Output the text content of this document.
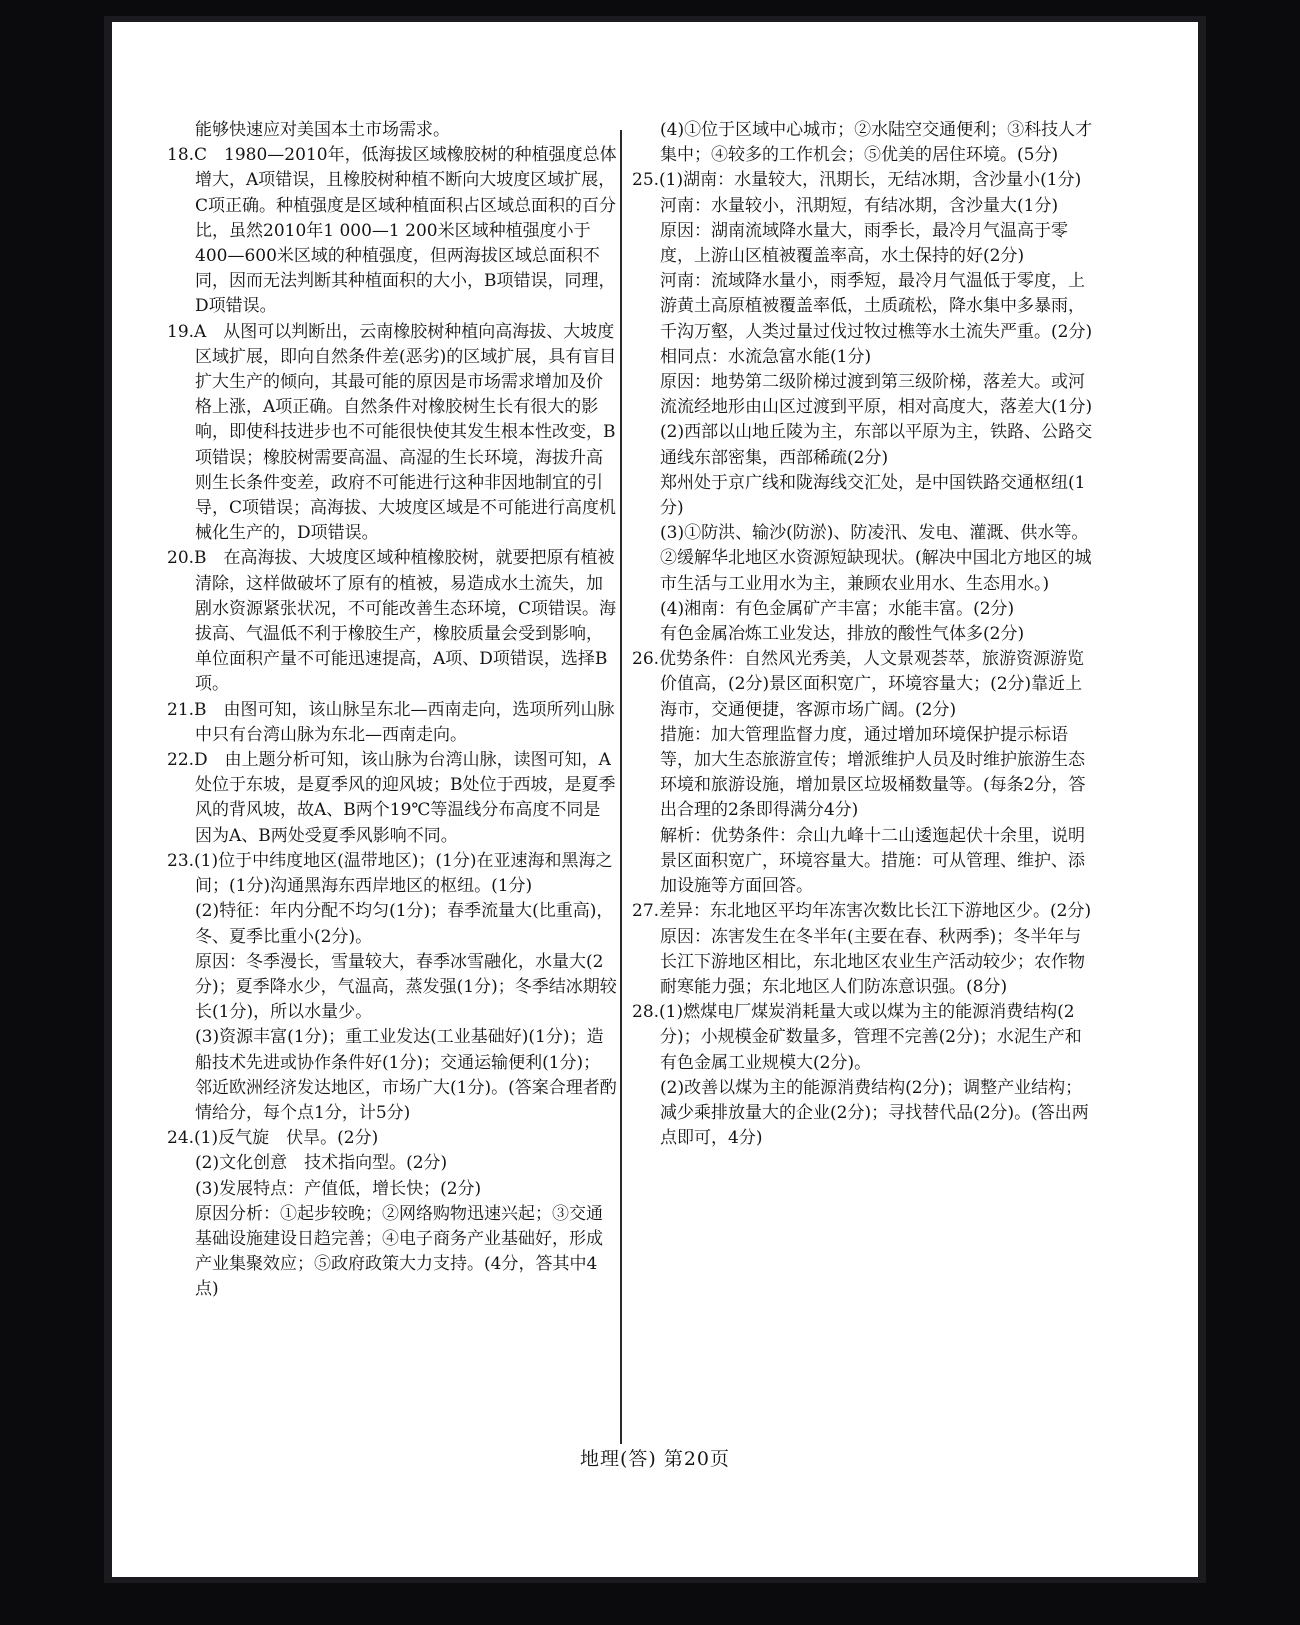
能够快速应对美国本土市场需求。

18.C　1980—2010年，低海拔区域橡胶树的种植强度总体增大，A项错误，且橡胶树种植不断向大坡度区域扩展，C项正确。种植强度是区域种植面积占区域总面积的百分比，虽然2010年1 000—1 200米区域种植强度小于400—600米区域的种植强度，但两海拔区域总面积不同，因而无法判断其种植面积的大小，B项错误，同理，D项错误。

19.A　从图可以判断出，云南橡胶树种植向高海拔、大坡度区域扩展，即向自然条件差(恶劣)的区域扩展，具有盲目扩大生产的倾向，其最可能的原因是市场需求增加及价格上涨，A项正确。自然条件对橡胶树生长有很大的影响，即使科技进步也不可能很快使其发生根本性改变，B项错误；橡胶树需要高温、高湿的生长环境，海拔升高则生长条件变差，政府不可能进行这种非因地制宜的引导，C项错误；高海拔、大坡度区域是不可能进行高度机械化生产的，D项错误。

20.B　在高海拔、大坡度区域种植橡胶树，就要把原有植被清除，这样做破坏了原有的植被，易造成水土流失，加剧水资源紧张状况，不可能改善生态环境，C项错误。海拔高、气温低不利于橡胶生产，橡胶质量会受到影响，单位面积产量不可能迅速提高，A项、D项错误，选择B项。

21.B　由图可知，该山脉呈东北—西南走向，选项所列山脉中只有台湾山脉为东北—西南走向。

22.D　由上题分析可知，该山脉为台湾山脉，读图可知，A处位于东坡，是夏季风的迎风坡；B处位于西坡，是夏季风的背风坡，故A、B两个19℃等温线分布高度不同是因为A、B两处受夏季风影响不同。

23.(1)位于中纬度地区(温带地区)；(1分)在亚速海和黑海之间；(1分)沟通黑海东西岸地区的枢纽。(1分)

(2)特征：年内分配不均匀(1分)；春季流量大(比重高)，冬、夏季比重小(2分)。

原因：冬季漫长，雪量较大，春季冰雪融化，水量大(2分)；夏季降水少，气温高，蒸发强(1分)；冬季结冰期较长(1分)，所以水量少。

(3)资源丰富(1分)；重工业发达(工业基础好)(1分)；造船技术先进或协作条件好(1分)；交通运输便利(1分)；邻近欧洲经济发达地区，市场广大(1分)。(答案合理者酌情给分，每个点1分，计5分)

24.(1)反气旋　伏旱。(2分)

(2)文化创意　技术指向型。(2分)

(3)发展特点：产值低，增长快；(2分)

原因分析：①起步较晚；②网络购物迅速兴起；③交通基础设施建设日趋完善；④电子商务产业基础好，形成产业集聚效应；⑤政府政策大力支持。(4分，答其中4点)

(4)①位于区域中心城市；②水陆空交通便利；③科技人才集中；④较多的工作机会；⑤优美的居住环境。(5分)

25.(1)湖南：水量较大，汛期长，无结冰期，含沙量小(1分)

河南：水量较小，汛期短，有结冰期，含沙量大(1分)

原因：湖南流域降水量大，雨季长，最冷月气温高于零度，上游山区植被覆盖率高，水土保持的好(2分)

河南：流域降水量小，雨季短，最冷月气温低于零度，上游黄土高原植被覆盖率低，土质疏松，降水集中多暴雨，千沟万壑，人类过量过伐过牧过樵等水土流失严重。(2分)

相同点：水流急富水能(1分)

原因：地势第二级阶梯过渡到第三级阶梯，落差大。或河流流经地形由山区过渡到平原，相对高度大，落差大(1分)

(2)西部以山地丘陵为主，东部以平原为主，铁路、公路交通线东部密集，西部稀疏(2分)

郑州处于京广线和陇海线交汇处，是中国铁路交通枢纽(1分)

(3)①防洪、输沙(防淤)、防凌汛、发电、灌溉、供水等。②缓解华北地区水资源短缺现状。(解决中国北方地区的城市生活与工业用水为主，兼顾农业用水、生态用水。)

(4)湘南：有色金属矿产丰富；水能丰富。(2分)

有色金属冶炼工业发达，排放的酸性气体多(2分)

26.优势条件：自然风光秀美，人文景观荟萃，旅游资源游览价值高，(2分)景区面积宽广，环境容量大；(2分)靠近上海市，交通便捷，客源市场广阔。(2分)

措施：加大管理监督力度，通过增加环境保护提示标语等，加大生态旅游宣传；增派维护人员及时维护旅游生态环境和旅游设施，增加景区垃圾桶数量等。(每条2分，答出合理的2条即得满分4分)

解析：优势条件：佘山九峰十二山逶迤起伏十余里，说明景区面积宽广，环境容量大。措施：可从管理、维护、添加设施等方面回答。

27.差异：东北地区平均年冻害次数比长江下游地区少。(2分)

原因：冻害发生在冬半年(主要在春、秋两季)；冬半年与长江下游地区相比，东北地区农业生产活动较少；农作物耐寒能力强；东北地区人们防冻意识强。(8分)

28.(1)燃煤电厂煤炭消耗量大或以煤为主的能源消费结构(2分)；小规模金矿数量多，管理不完善(2分)；水泥生产和有色金属工业规模大(2分)。

(2)改善以煤为主的能源消费结构(2分)；调整产业结构；减少乘排放量大的企业(2分)；寻找替代品(2分)。(答出两点即可，4分)

地理(答) 第20页
